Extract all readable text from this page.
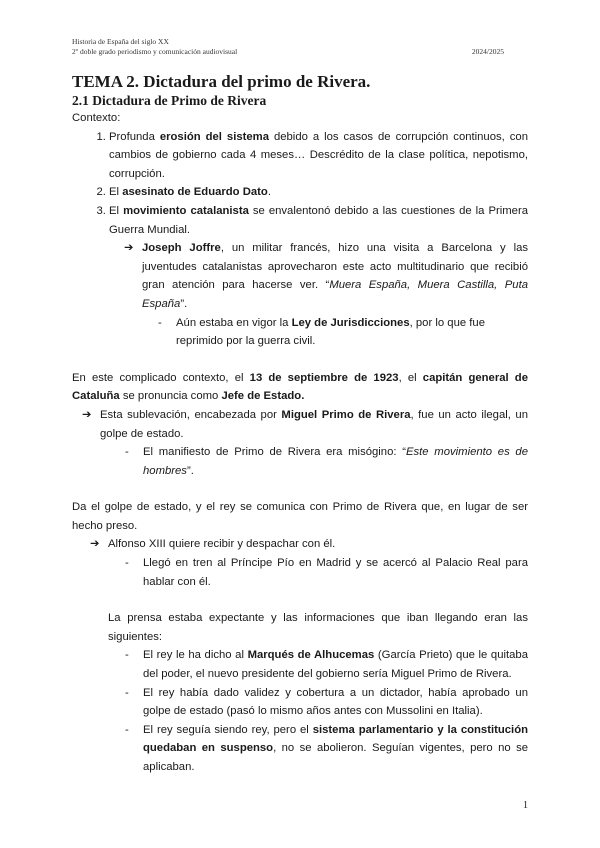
Historia de España del siglo XX
2º doble grado periodismo y comunicación audiovisual	2024/2025
TEMA 2. Dictadura del primo de Rivera.
2.1 Dictadura de Primo de Rivera

Contexto:

1. Profunda erosión del sistema debido a los casos de corrupción continuos, con cambios de gobierno cada 4 meses… Descrédito de la clase política, nepotismo, corrupción.
2. El asesinato de Eduardo Dato.
3. El movimiento catalanista se envalentonó debido a las cuestiones de la Primera Guerra Mundial.
➔ Joseph Joffre, un militar francés, hizo una visita a Barcelona y las juventudes catalanistas aprovecharon este acto multitudinario que recibió gran atención para hacerse ver. “Muera España, Muera Castilla, Puta España”.
-	Aún estaba en vigor la Ley de Jurisdicciones, por lo que fue reprimido por la guerra civil.

En este complicado contexto, el 13 de septiembre de 1923, el capitán general de Cataluña se pronuncia como Jefe de Estado.

➔ Esta sublevación, encabezada por Miguel Primo de Rivera, fue un acto ilegal, un golpe de estado.
-	El manifiesto de Primo de Rivera era misógino: “Este movimiento es de hombres”.

Da el golpe de estado, y el rey se comunica con Primo de Rivera que, en lugar de ser hecho preso.

➔ Alfonso XIII quiere recibir y despachar con él.
-	Llegó en tren al Príncipe Pío en Madrid y se acercó al Palacio Real para hablar con él.

La prensa estaba expectante y las informaciones que iban llegando eran las siguientes:

-	El rey le ha dicho al Marqués de Alhucemas (García Prieto) que le quitaba del poder, el nuevo presidente del gobierno sería Miguel Primo de Rivera.
-	El rey había dado validez y cobertura a un dictador, había aprobado un golpe de estado (pasó lo mismo años antes con Mussolini en Italia).
-	El rey seguía siendo rey, pero el sistema parlamentario y la constitución quedaban en suspenso, no se abolieron. Seguían vigentes, pero no se aplicaban.
1
